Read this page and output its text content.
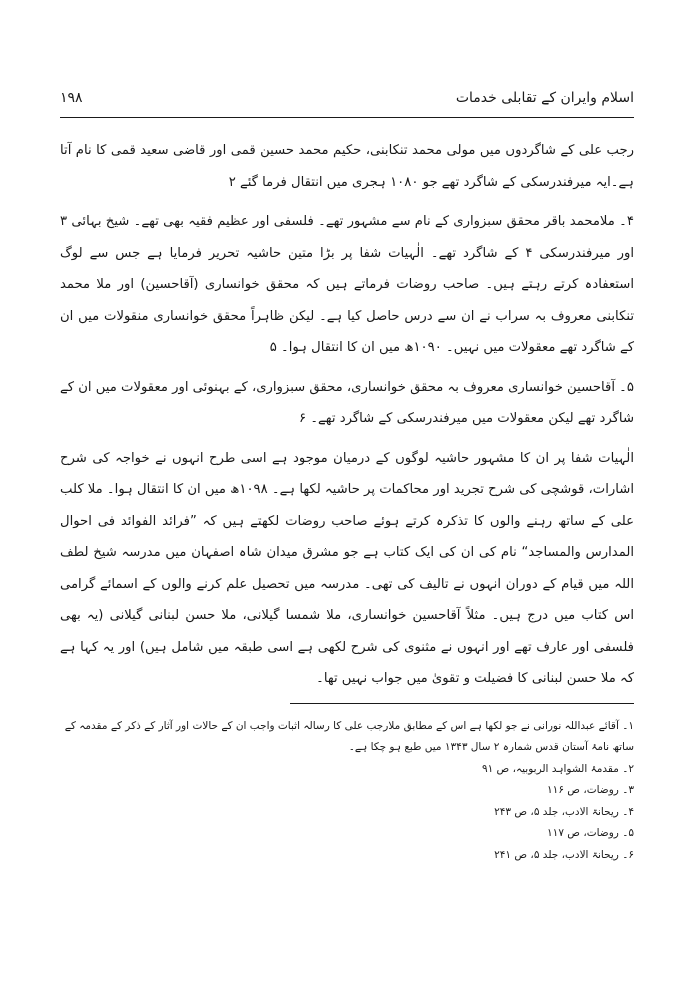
اسلام وایران کے تقابلی خدمات
۱۹۸

رجب علی کے شاگردوں میں مولی محمد تنکابنی، حکیم محمد حسین قمی اور قاضی سعید قمی کا نام آتا ہے۔ایہ میرفندرسکی کے شاگرد تھے جو ۱۰۸۰ ہجری میں انتقال فرما گئے ۲

۴۔ ملامحمد باقر محقق سبزواری کے نام سے مشہور تھے۔ فلسفی اور عظیم فقیہ بھی تھے۔ شیخ بہائی ۳ اور میرفندرسکی ۴ کے شاگرد تھے۔ الٰہیات شفا پر بڑا متین حاشیہ تحریر فرمایا ہے جس سے لوگ استعفادہ کرتے رہتے ہیں۔ صاحب روضات فرماتے ہیں کہ محقق خوانساری (آقاحسین) اور ملا محمد تنکابنی معروف بہ سراب نے ان سے درس حاصل کیا ہے۔ لیکن ظاہراً محقق خوانساری منقولات میں ان کے شاگرد تھے معقولات میں نہیں۔ ۱۰۹۰ھ میں ان کا انتقال ہوا۔ ۵

۵۔ آقاحسین خوانساری معروف بہ محقق خوانساری، محقق سبزواری، کے بہنوئی اور معقولات میں ان کے شاگرد تھے لیکن معقولات میں میرفندرسکی کے شاگرد تھے۔ ۶

الٰہیات شفا پر ان کا مشہور حاشیہ لوگوں کے درمیان موجود ہے اسی طرح انہوں نے خواجہ کی شرح اشارات، قوشچی کی شرح تجرید اور محاکمات پر حاشیہ لکھا ہے۔ ۱۰۹۸ھ میں ان کا انتقال ہوا۔ ملا کلب علی کے ساتھ رہنے والوں کا تذکرہ کرتے ہوئے صاحب روضات لکھتے ہیں کہ ”فرائد الفوائد فی احوال المدارس والمساجد“ نام کی ان کی ایک کتاب ہے جو مشرق میدان شاہ اصفہان میں مدرسہ شیخ لطف اللہ میں قیام کے دوران انہوں نے تالیف کی تھی۔ مدرسہ میں تحصیل علم کرنے والوں کے اسمائے گرامی اس کتاب میں درج ہیں۔ مثلاً آقاحسین خوانساری، ملا شمسا گیلانی، ملا حسن لبنانی گیلانی (یہ بھی فلسفی اور عارف تھے اور انہوں نے مثنوی کی شرح لکھی ہے اسی طبقہ میں شامل ہیں) اور یہ کہا ہے کہ ملا حسن لبنانی کا فضیلت و تقویٰ میں جواب نہیں تھا۔

۱۔ آقائے عبداللہ نورانی نے جو لکھا ہے اس کے مطابق ملارجب علی کا رسالہ اثبات واجب ان کے حالات اور آثار کے ذکر کے مقدمہ کے ساتھ نامۂ آستان قدس شمارہ ۲ سال ۱۳۴۳ میں طبع ہو چکا ہے۔

۲۔ مقدمۂ الشواہد الربوبیہ، ص ۹۱

۳۔ روضات، ص ۱۱۶

۴۔ ریحانۃ الادب، جلد ۵، ص ۲۴۳

۵۔ روضات، ص ۱۱۷

۶۔ ریحانۃ الادب، جلد ۵، ص ۲۴۱
